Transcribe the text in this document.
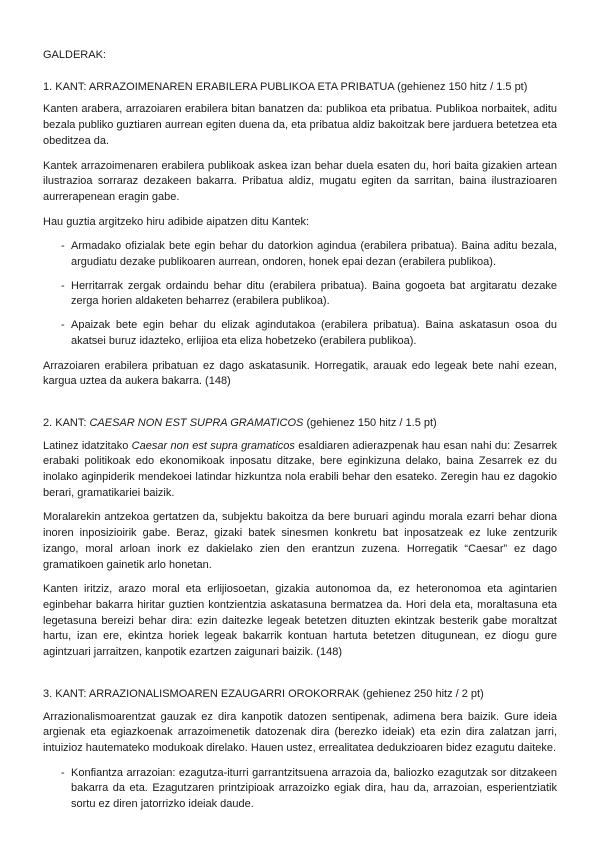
GALDERAK:

1. KANT: ARRAZOIMENAREN ERABILERA PUBLIKOA ETA PRIBATUA (gehienez 150 hitz / 1.5 pt)

Kanten arabera, arrazoiaren erabilera bitan banatzen da: publikoa eta pribatua. Publikoa norbaitek, aditu bezala publiko guztiaren aurrean egiten duena da, eta pribatua aldiz bakoitzak bere jarduera betetzea eta obeditzea da.

Kantek arrazoimenaren erabilera publikoak askea izan behar duela esaten du, hori baita gizakien artean ilustrazioa sorraraz dezakeen bakarra. Pribatua aldiz, mugatu egiten da sarritan, baina ilustrazioaren aurrerapenean eragin gabe.

Hau guztia argitzeko hiru adibide aipatzen ditu Kantek:

- Armadako ofizialak bete egin behar du datorkion agindua (erabilera pribatua). Baina aditu bezala, argudiatu dezake publikoaren aurrean, ondoren, honek epai dezan (erabilera publikoa).
- Herritarrak zergak ordaindu behar ditu (erabilera pribatua). Baina gogoeta bat argitaratu dezake zerga horien aldaketen beharrez (erabilera publikoa).
- Apaizak bete egin behar du elizak agindutakoa (erabilera pribatua). Baina askatasun osoa du akatsei buruz idazteko, erlijioa eta eliza hobetzeko (erabilera publikoa).

Arrazoiaren erabilera pribatuan ez dago askatasunik. Horregatik, arauak edo legeak bete nahi ezean, kargua uztea da aukera bakarra. (148)

2. KANT: CAESAR NON EST SUPRA GRAMATICOS (gehienez 150 hitz / 1.5 pt)

Latinez idatzitako Caesar non est supra gramaticos esaldiaren adierazpenak hau esan nahi du: Zesarrek erabaki politikoak edo ekonomikoak inposatu ditzake, bere eginkizuna delako, baina Zesarrek ez du inolako aginpiderik mendekoei latindar hizkuntza nola erabili behar den esateko. Zeregin hau ez dagokio berari, gramatikariei baizik.

Moralarekin antzekoa gertatzen da, subjektu bakoitza da bere buruari agindu morala ezarri behar diona inoren inposizioirik gabe. Beraz, gizaki batek sinesmen konkretu bat inposatzeak ez luke zentzurik izango, moral arloan inork ez dakielako zien den erantzun zuzena. Horregatik “Caesar” ez dago gramatikoen gainetik arlo honetan.

Kanten iritziz, arazo moral eta erlijiosoetan, gizakia autonomoa da, ez heteronomoa eta agintarien eginbehar bakarra hiritar guztien kontzientzia askatasuna bermatzea da. Hori dela eta, moraltasuna eta legetasuna bereizi behar dira: ezin daitezke legeak betetzen dituzten ekintzak besterik gabe moraltzat hartu, izan ere, ekintza horiek legeak bakarrik kontuan hartuta betetzen ditugunean, ez diogu gure agintzuari jarraitzen, kanpotik ezartzen zaigunari baizik. (148)

3. KANT: ARRAZIONALISMOAREN EZAUGARRI OROKORRAK (gehienez 250 hitz / 2 pt)

Arrazionalismoarentzat gauzak ez dira kanpotik datozen sentipenak, adimena bera baizik. Gure ideia argienak eta egiazkoenak arrazoimenetik datozenak dira (berezko ideiak) eta ezin dira zalatzan jarri, intuizioz hautemateko modukoak direlako. Hauen ustez, errealitatea dedukzioaren bidez ezagutu daiteke.

- Konfiantza arrazoian: ezagutza-iturri garrantzitsuena arrazoia da, baliozko ezagutzak sor ditzakeen bakarra da eta. Ezagutzaren printzipioak arrazoizko egiak dira, hau da, arrazoian, esperientziatik sortu ez diren jatorrizko ideiak daude.
